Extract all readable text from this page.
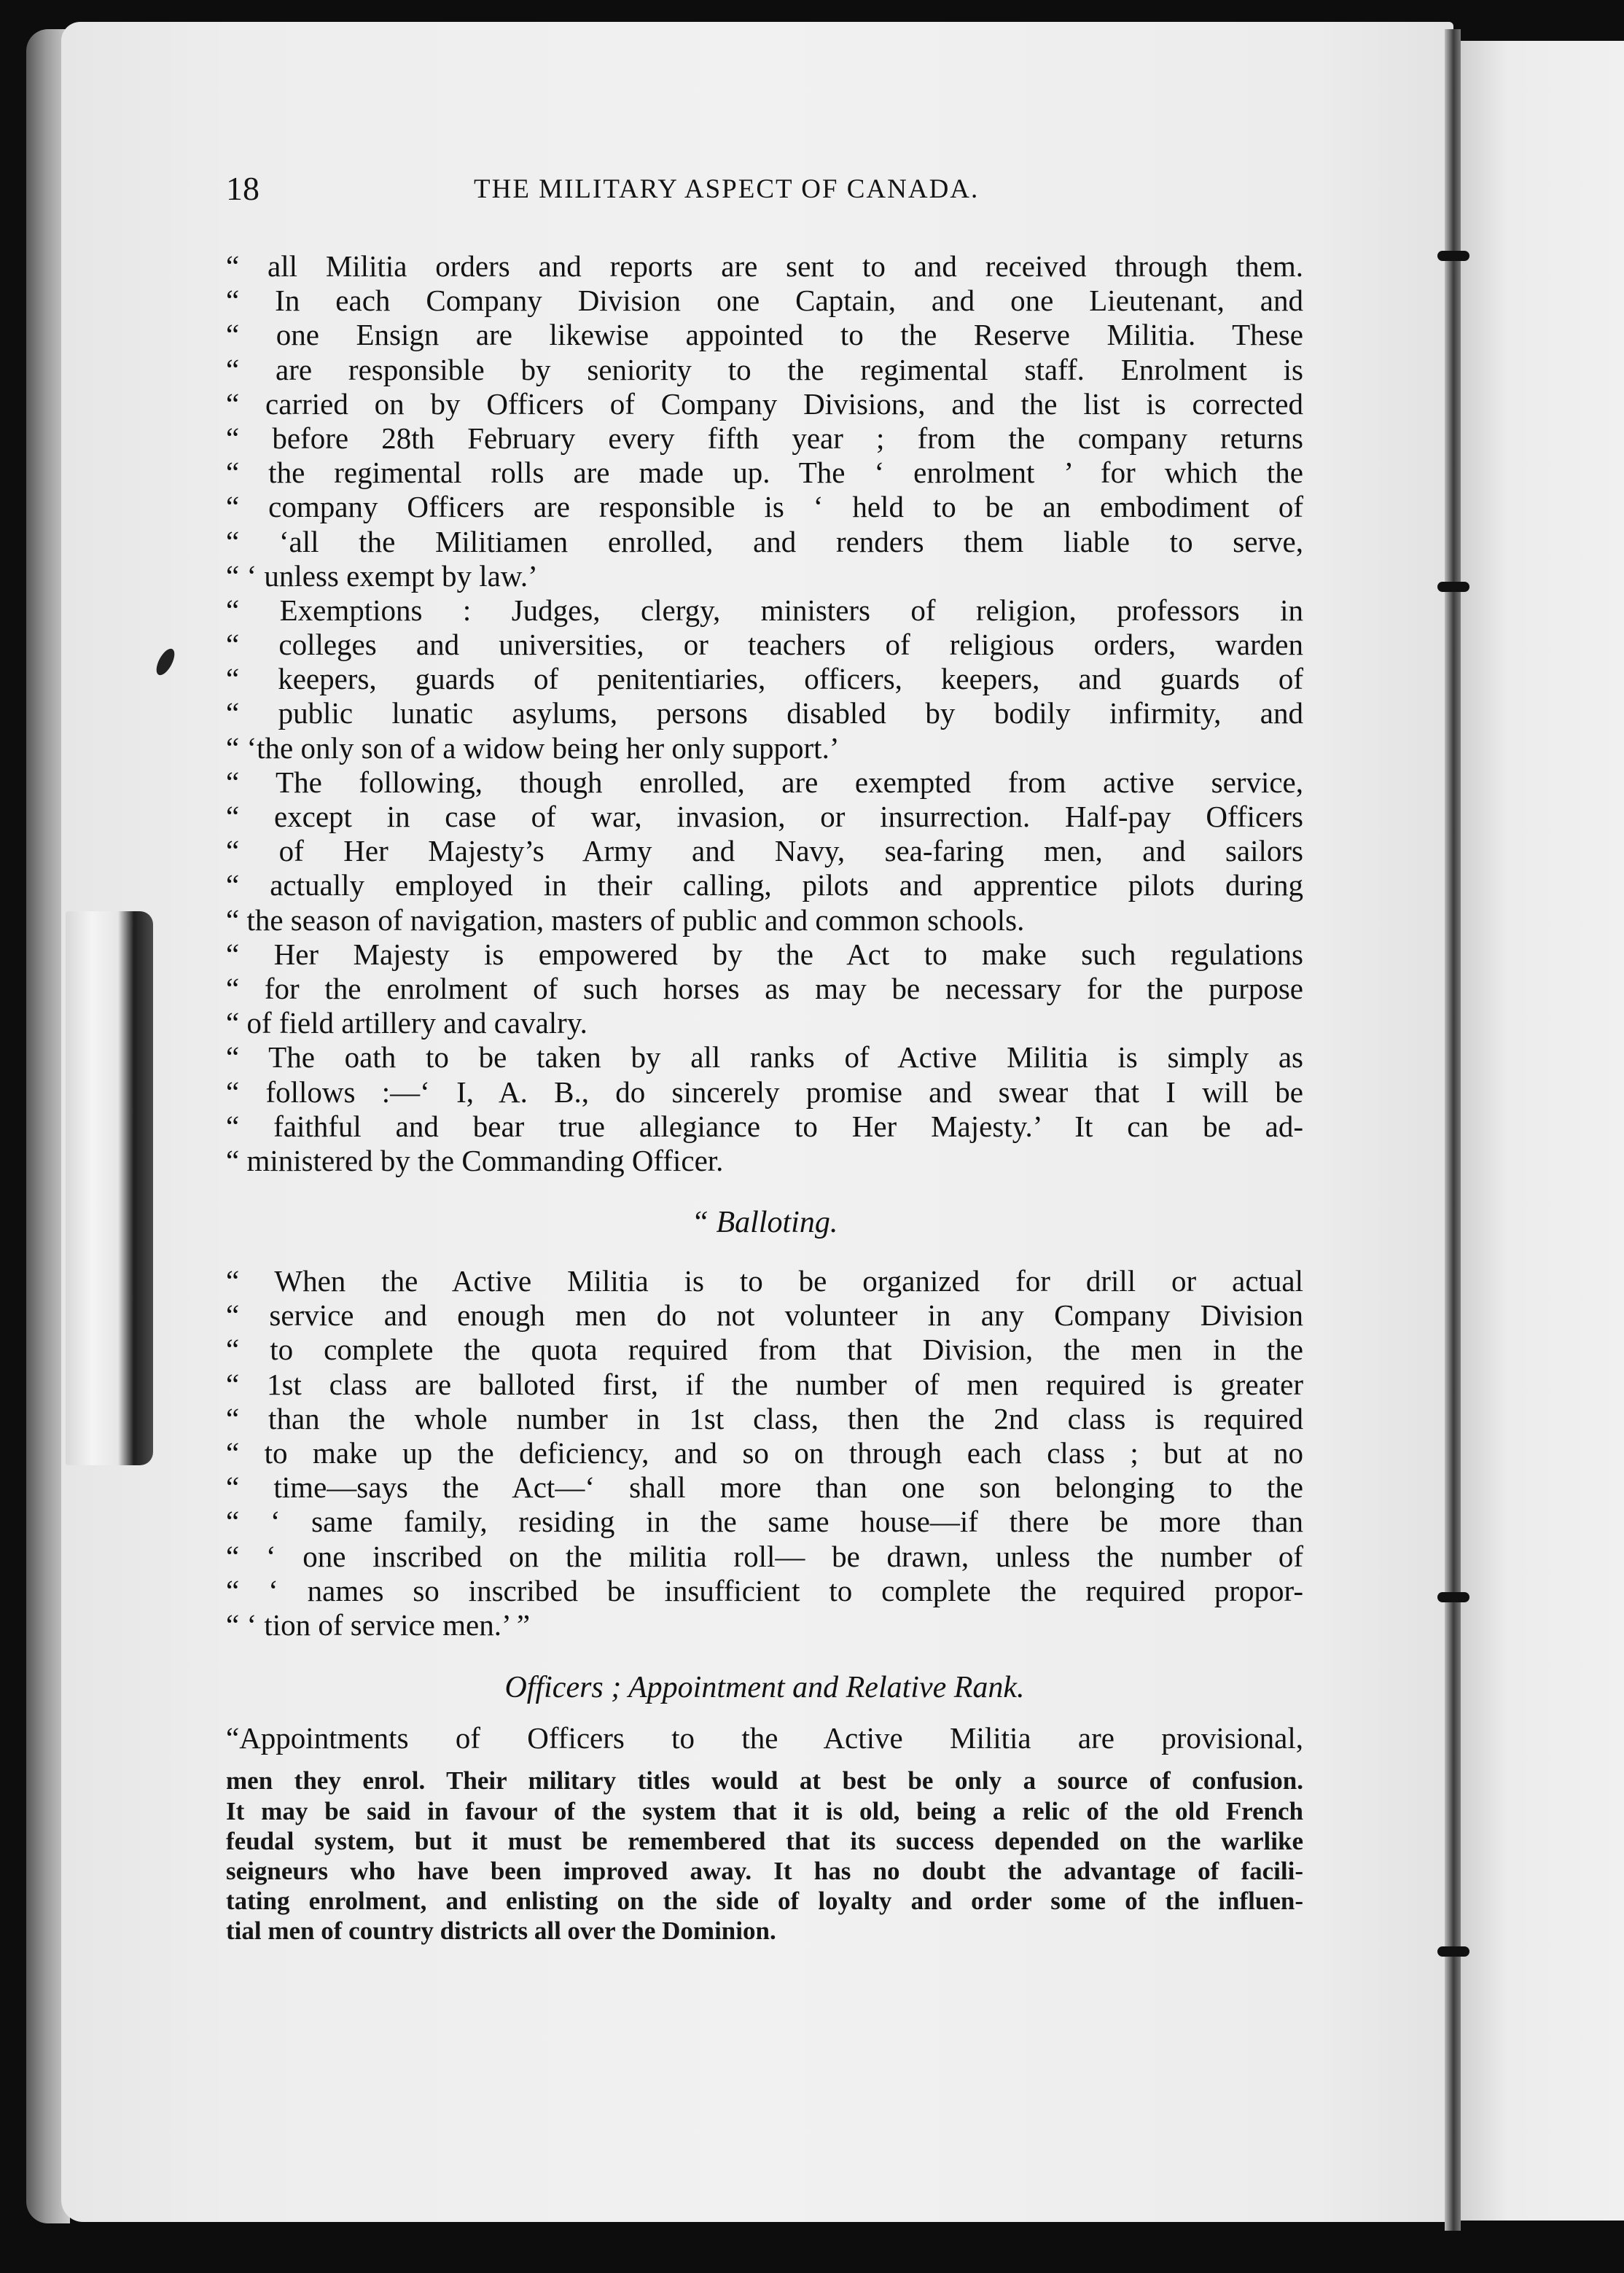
18	THE MILITARY ASPECT OF CANADA.
“ all Militia orders and reports are sent to and received through them.
“ In each Company Division one Captain, and one Lieutenant, and
“ one Ensign are likewise appointed to the Reserve Militia. These
“ are responsible by seniority to the regimental staff. Enrolment is
“ carried on by Officers of Company Divisions, and the list is corrected
“ before 28th February every fifth year ; from the company returns
“ the regimental rolls are made up. The ‘ enrolment ’ for which the
“ company Officers are responsible is ‘ held to be an embodiment of
“ ‘all the Militiamen enrolled, and renders them liable to serve,
“ ‘ unless exempt by law.’
“ Exemptions : Judges, clergy, ministers of religion, professors in
“ colleges and universities, or teachers of religious orders, warden
“ keepers, guards of penitentiaries, officers, keepers, and guards of
“ public lunatic asylums, persons disabled by bodily infirmity, and
“ ‘the only son of a widow being her only support.’
“ The following, though enrolled, are exempted from active service,
“ except in case of war, invasion, or insurrection. Half-pay Officers
“ of Her Majesty’s Army and Navy, sea-faring men, and sailors
“ actually employed in their calling, pilots and apprentice pilots during
“ the season of navigation, masters of public and common schools.
“ Her Majesty is empowered by the Act to make such regulations
“ for the enrolment of such horses as may be necessary for the purpose
“ of field artillery and cavalry.
“ The oath to be taken by all ranks of Active Militia is simply as
“ follows :—‘ I, A. B., do sincerely promise and swear that I will be
“ faithful and bear true allegiance to Her Majesty.’ It can be ad-
“ ministered by the Commanding Officer.
“ Balloting.
“ When the Active Militia is to be organized for drill or actual
“ service and enough men do not volunteer in any Company Division
“ to complete the quota required from that Division, the men in the
“ 1st class are balloted first, if the number of men required is greater
“ than the whole number in 1st class, then the 2nd class is required
“ to make up the deficiency, and so on through each class ; but at no
“ time—says the Act—‘ shall more than one son belonging to the
“ ‘ same family, residing in the same house—if there be more than
“ ‘ one inscribed on the militia roll— be drawn, unless the number of
“ ‘ names so inscribed be insufficient to complete the required propor-
“ ‘ tion of service men.’ ”
Officers ; Appointment and Relative Rank.
“Appointments of Officers to the Active Militia are provisional,
men they enrol. Their military titles would at best be only a source of confusion.
It may be said in favour of the system that it is old, being a relic of the old French
feudal system, but it must be remembered that its success depended on the warlike
seigneurs who have been improved away. It has no doubt the advantage of facili-
tating enrolment, and enlisting on the side of loyalty and order some of the influen-
tial men of country districts all over the Dominion.
